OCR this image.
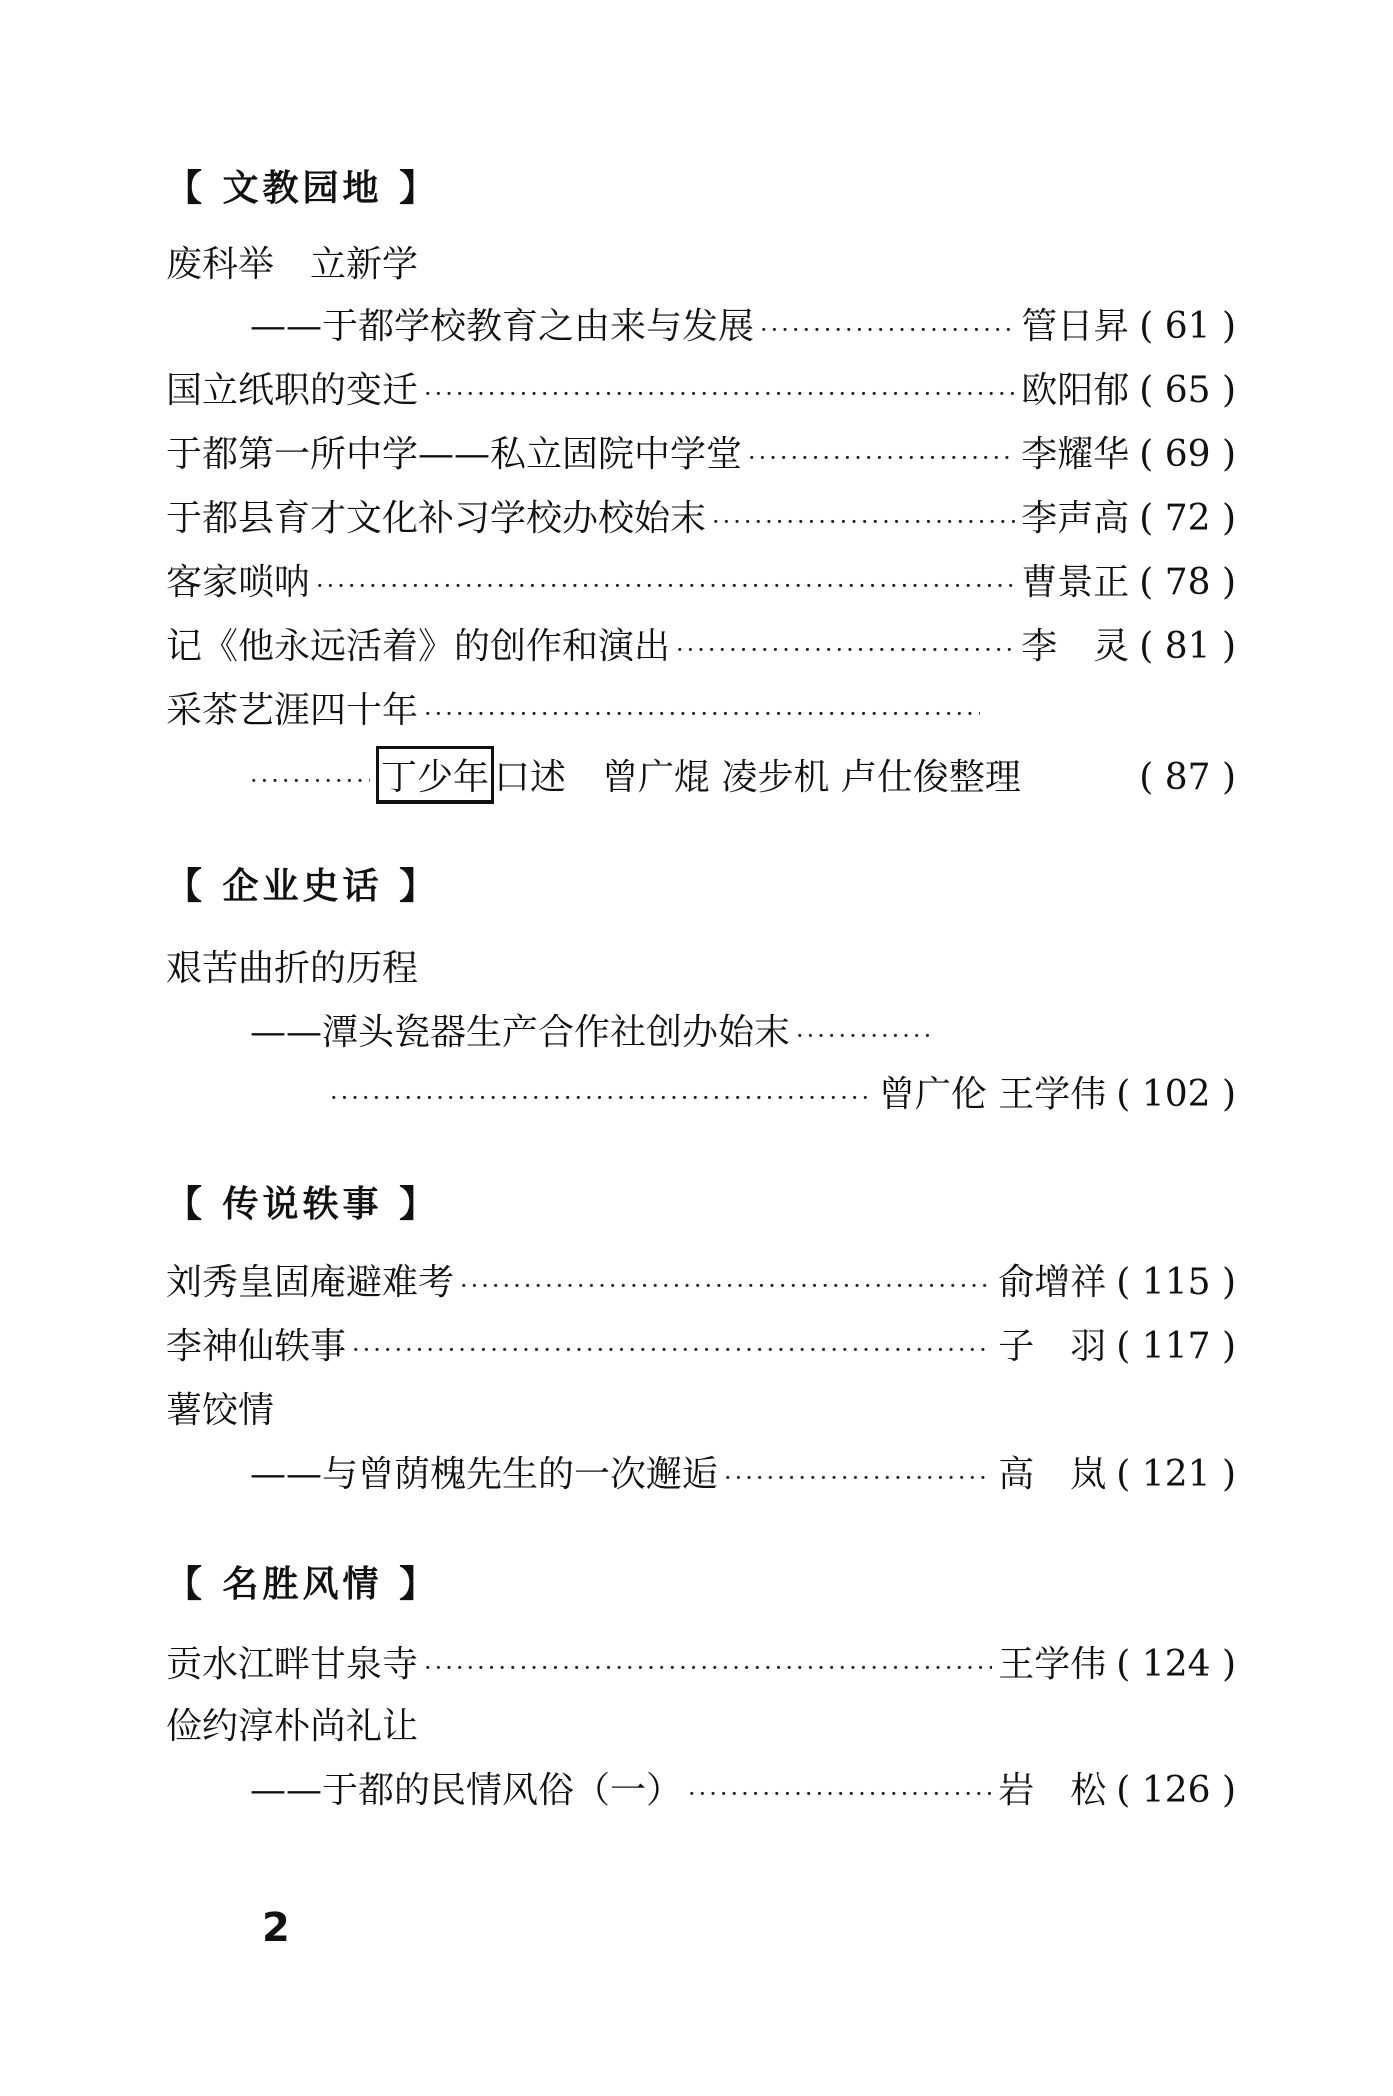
【 文教园地 】
废科举　立新学
——于都学校教育之由来与发展 ·····	管日昇 ( 61 )
国立纸职的变迁 ·····	欧阳郁 ( 65 )
于都第一所中学——私立固院中学堂 ·····	李耀华 ( 69 )
于都县育才文化补习学校办校始末 ·····	李声高 ( 72 )
客家唢呐 ·····	曹景正 ( 78 )
记《他永远活着》的创作和演出 ·····	李　灵 ( 81 )
采茶艺涯四十年
·····
·····
丁少年 口述　曾广焜 凌步机 卢仕俊整理	( 87 )
【 企业史话 】
艰苦曲折的历程
——潭头瓷器生产合作社创办始末
·····
·····
曾广伦 王学伟 ( 102 )
【 传说轶事 】
刘秀皇固庵避难考 ·····	俞增祥 ( 115 )
李神仙轶事 ·····	子　羽 ( 117 )
薯饺情
——与曾荫槐先生的一次邂逅 ·····	高　岚 ( 121 )
【 名胜风情 】
贡水江畔甘泉寺 ·····	王学伟 ( 124 )
俭约淳朴尚礼让
——于都的民情风俗（一） ·····	岩　松 ( 126 )
2
